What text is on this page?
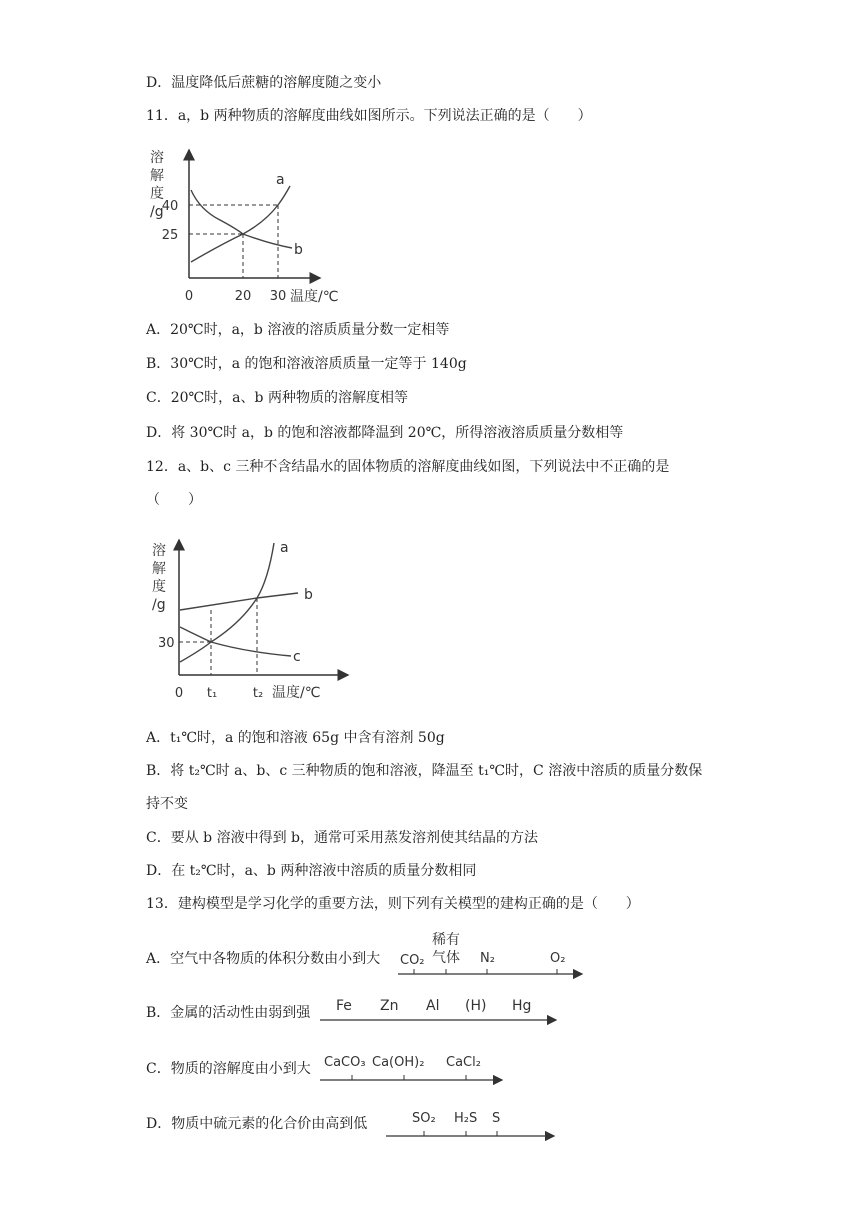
D．温度降低后蔗糖的溶解度随之变小
11．a，b 两种物质的溶解度曲线如图所示。下列说法正确的是（　　）
溶
解
度
/g
a
b
40
25
0	20 30 温度/℃
A．20℃时，a，b 溶液的溶质质量分数一定相等
B．30℃时，a 的饱和溶液溶质质量一定等于 140g
C．20℃时，a、b 两种物质的溶解度相等
D．将 30℃时 a，b 的饱和溶液都降温到 20℃，所得溶液溶质质量分数相等
12．a、b、c 三种不含结晶水的固体物质的溶解度曲线如图，下列说法中不正确的是
（　　）
溶
解
度
/g
a
b
c
30
0 t₁	t₂ 温度/℃
A．t₁℃时，a 的饱和溶液 65g 中含有溶剂 50g
B．将 t₂℃时 a、b、c 三种物质的饱和溶液，降温至 t₁℃时，C 溶液中溶质的质量分数保
持不变
C．要从 b 溶液中得到 b，通常可采用蒸发溶剂使其结晶的方法
D．在 t₂℃时，a、b 两种溶液中溶质的质量分数相同
13．建构模型是学习化学的重要方法，则下列有关模型的建构正确的是（　　）
A．空气中各物质的体积分数由小到大 CO₂
稀有
气体 N₂	O₂
B．金属的活动性由弱到强 Fe Zn Al (H) Hg
C．物质的溶解度由小到大 CaCO₃ Ca(OH)₂ CaCl₂
D．物质中硫元素的化合价由高到低	SO₂ H₂S S
